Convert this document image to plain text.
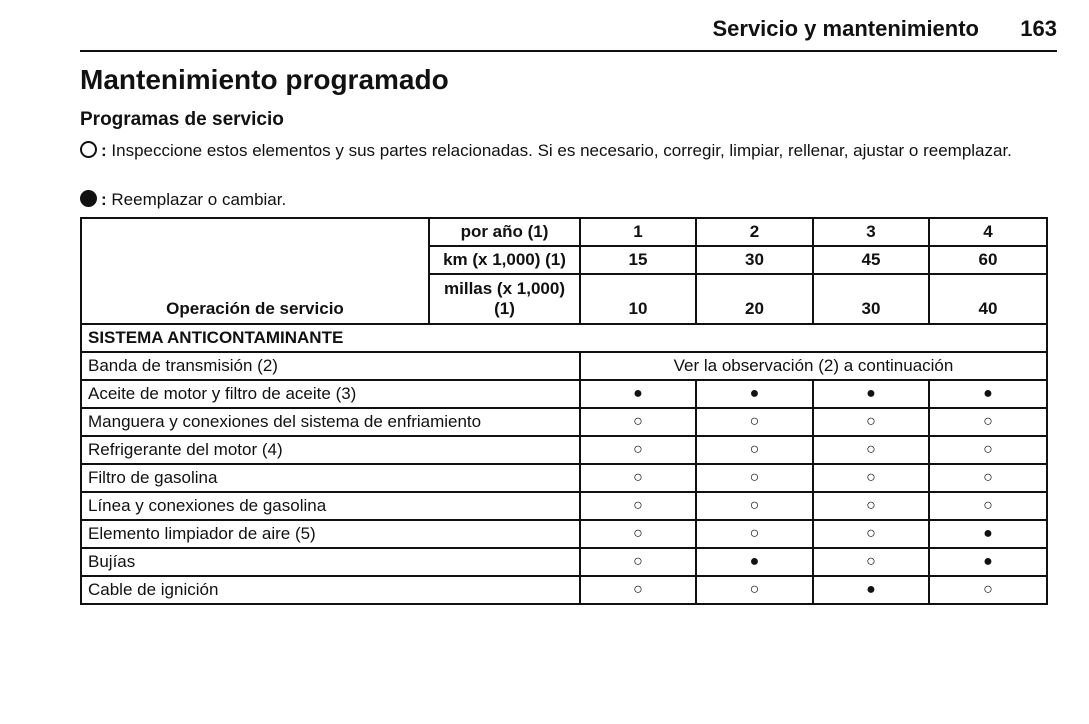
Servicio y mantenimiento 163
Mantenimiento programado
Programas de servicio
: Inspeccione estos elementos y sus partes relacionadas. Si es necesario, corregir, limpiar, rellenar, ajustar o reemplazar.
: Reemplazar o cambiar.
Operación de servicio	por año (1)	1	2	3	4
	km (x 1,000) (1)	15	30	45	60
	millas (x 1,000) (1)	10	20	30	40
SISTEMA ANTICONTAMINANTE					
Banda de transmisión (2)		Ver la observación (2) a continuación			
Aceite de motor y filtro de aceite (3)		●	●	●	●
Manguera y conexiones del sistema de enfriamiento		○	○	○	○
Refrigerante del motor (4)		○	○	○	○
Filtro de gasolina		○	○	○	○
Línea y conexiones de gasolina		○	○	○	○
Elemento limpiador de aire (5)		○	○	○	●
Bujías		○	●	○	●
Cable de ignición		○	○	●	○
